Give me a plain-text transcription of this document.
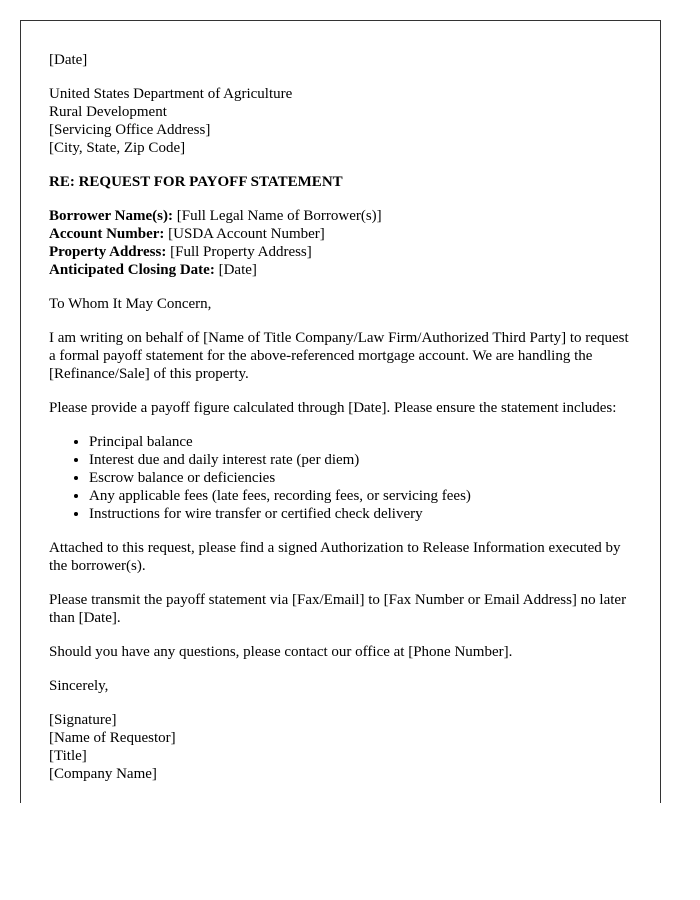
[Date]

United States Department of Agriculture
Rural Development
[Servicing Office Address]
[City, State, Zip Code]

RE: REQUEST FOR PAYOFF STATEMENT

Borrower Name(s): [Full Legal Name of Borrower(s)]
Account Number: [USDA Account Number]
Property Address: [Full Property Address]
Anticipated Closing Date: [Date]

To Whom It May Concern,

I am writing on behalf of [Name of Title Company/Law Firm/Authorized Third Party] to request a formal payoff statement for the above-referenced mortgage account. We are handling the [Refinance/Sale] of this property.

Please provide a payoff figure calculated through [Date]. Please ensure the statement includes:

• Principal balance
• Interest due and daily interest rate (per diem)
• Escrow balance or deficiencies
• Any applicable fees (late fees, recording fees, or servicing fees)
• Instructions for wire transfer or certified check delivery

Attached to this request, please find a signed Authorization to Release Information executed by the borrower(s).

Please transmit the payoff statement via [Fax/Email] to [Fax Number or Email Address] no later than [Date].

Should you have any questions, please contact our office at [Phone Number].

Sincerely,

[Signature]
[Name of Requestor]
[Title]
[Company Name]
